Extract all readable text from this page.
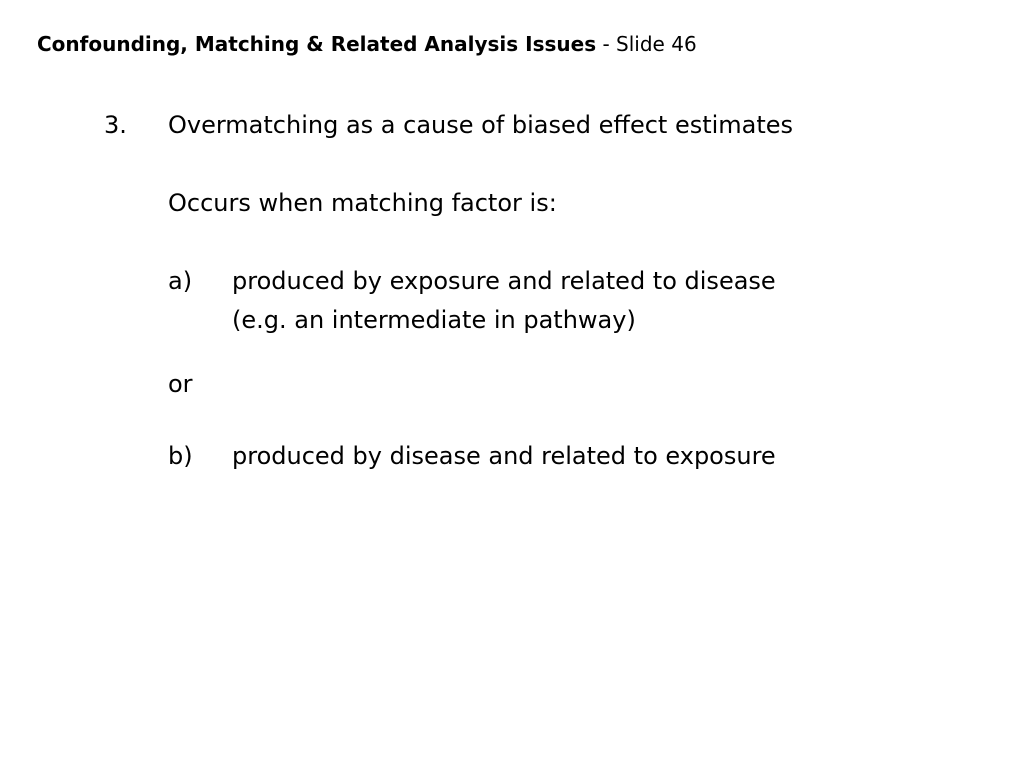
Confounding, Matching & Related Analysis Issues - Slide 46
3. Overmatching as a cause of biased effect estimates
Occurs when matching factor is:
a) produced by exposure and related to disease
(e.g. an intermediate in pathway)
or
b) produced by disease and related to exposure
